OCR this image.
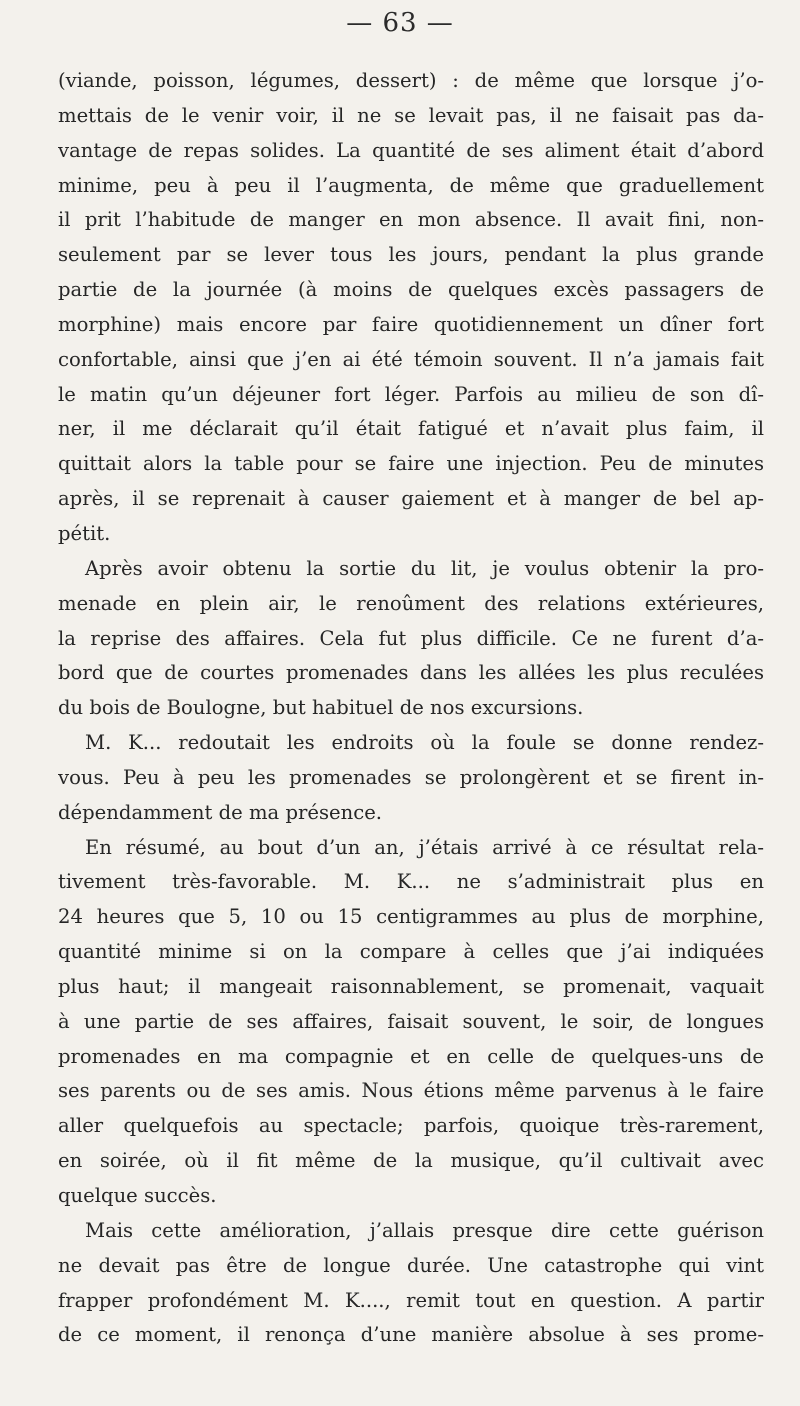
— 63 —
(viande, poisson, légumes, dessert) : de même que lorsque j’o-
mettais de le venir voir, il ne se levait pas, il ne faisait pas da-
vantage de repas solides. La quantité de ses aliment était d’abord
minime, peu à peu il l’augmenta, de même que graduellement
il prit l’habitude de manger en mon absence. Il avait fini, non-
seulement par se lever tous les jours, pendant la plus grande
partie de la journée (à moins de quelques excès passagers de
morphine) mais encore par faire quotidiennement un dîner fort
confortable, ainsi que j’en ai été témoin souvent. Il n’a jamais fait
le matin qu’un déjeuner fort léger. Parfois au milieu de son dî-
ner, il me déclarait qu’il était fatigué et n’avait plus faim, il
quittait alors la table pour se faire une injection. Peu de minutes
après, il se reprenait à causer gaiement et à manger de bel ap-
pétit.
Après avoir obtenu la sortie du lit, je voulus obtenir la pro-
menade en plein air, le renoûment des relations extérieures,
la reprise des affaires. Cela fut plus difficile. Ce ne furent d’a-
bord que de courtes promenades dans les allées les plus reculées
du bois de Boulogne, but habituel de nos excursions.
M. K... redoutait les endroits où la foule se donne rendez-
vous. Peu à peu les promenades se prolongèrent et se firent in-
dépendamment de ma présence.
En résumé, au bout d’un an, j’étais arrivé à ce résultat rela-
tivement très-favorable. M. K... ne s’administrait plus en
24 heures que 5, 10 ou 15 centigrammes au plus de morphine,
quantité minime si on la compare à celles que j’ai indiquées
plus haut; il mangeait raisonnablement, se promenait, vaquait
à une partie de ses affaires, faisait souvent, le soir, de longues
promenades en ma compagnie et en celle de quelques-uns de
ses parents ou de ses amis. Nous étions même parvenus à le faire
aller quelquefois au spectacle; parfois, quoique très-rarement,
en soirée, où il fit même de la musique, qu’il cultivait avec
quelque succès.
Mais cette amélioration, j’allais presque dire cette guérison
ne devait pas être de longue durée. Une catastrophe qui vint
frapper profondément M. K...., remit tout en question. A partir
de ce moment, il renonça d’une manière absolue à ses prome-
